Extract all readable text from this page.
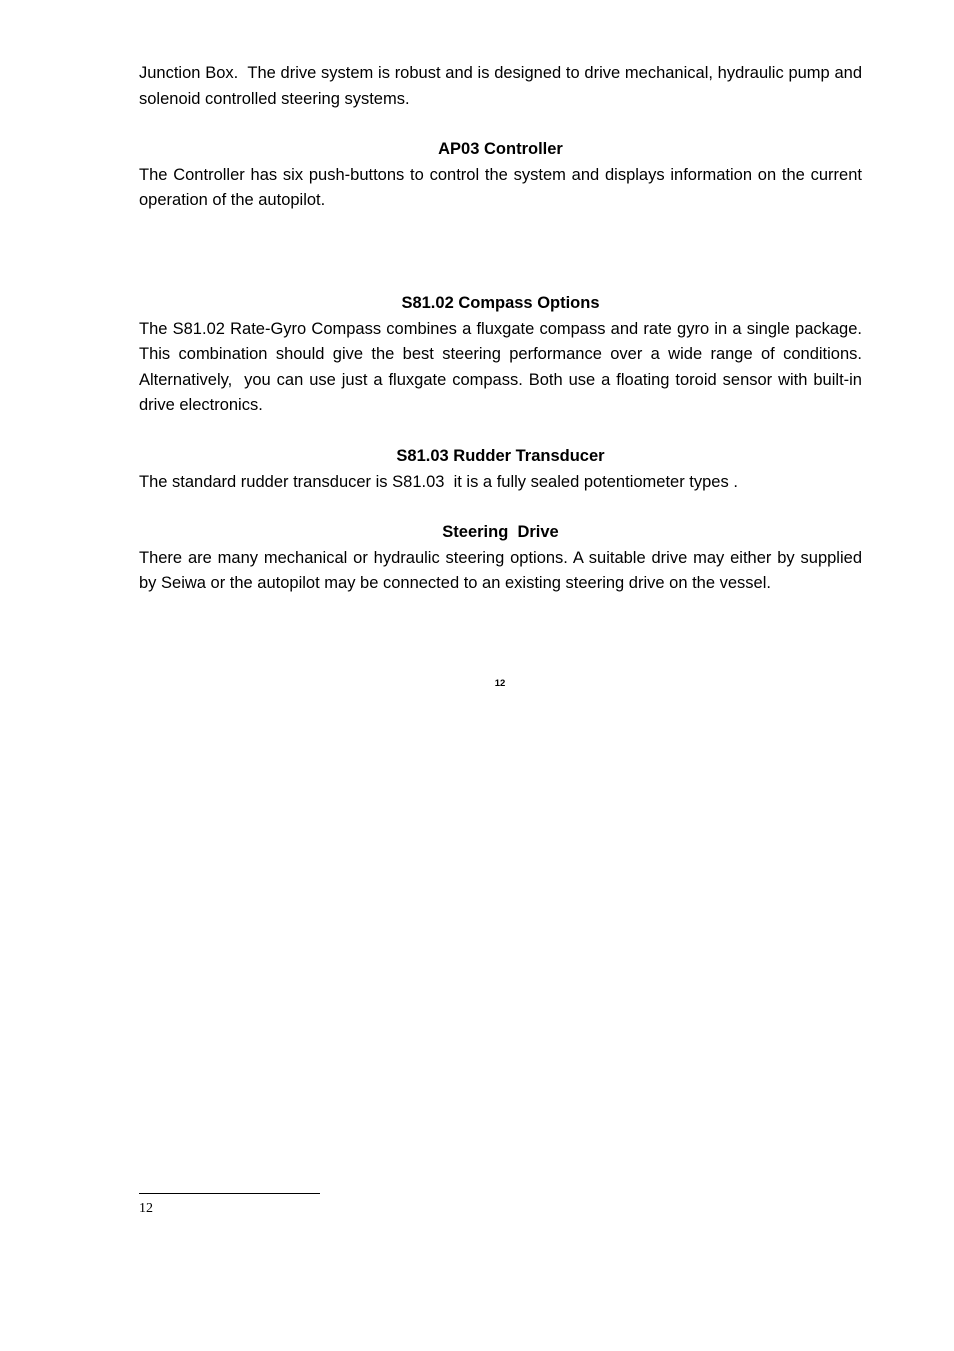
Junction Box.  The drive system is robust and is designed to drive mechanical, hydraulic pump and solenoid controlled steering systems.

AP03 Controller

The Controller has six push-buttons to control the system and displays information on the current operation of the autopilot.

S81.02 Compass Options

The S81.02 Rate-Gyro Compass combines a fluxgate compass and rate gyro in a single package.  This combination should give the best steering performance over a wide range of conditions.  Alternatively,  you can use just a fluxgate compass. Both use a floating toroid sensor with built-in drive electronics.

S81.03 Rudder Transducer

The standard rudder transducer is S81.03  it is a fully sealed potentiometer types .

Steering  Drive

There are many mechanical or hydraulic steering options. A suitable drive may either by supplied by Seiwa or the autopilot may be connected to an existing steering drive on the vessel.

12
12
